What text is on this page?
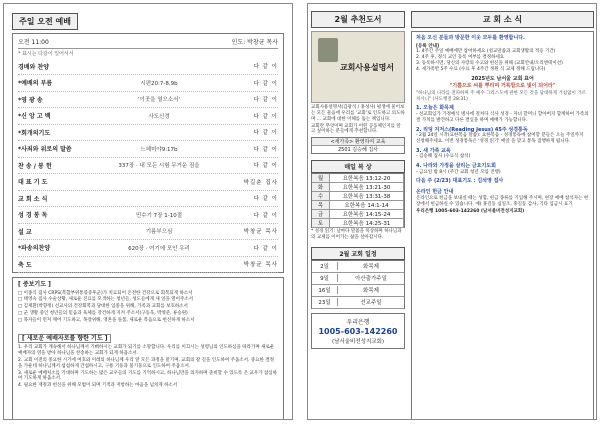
주일 오전 예배
오전 11:00	인도: 박창균 목사
* 표시는 다같이 일어서서
경배와 찬양	다 같 이
*예배의 부름	시편20:7-8,9b	다 같 이
*영 광 송	'이곳을 열으소서'	다 같 이
*신 앙 고 백	사도신경	다 같 이
*회개의기도	다 같 이
*사죄와 위로의 말씀	느헤미야9:17b	다 같 이
찬 송 / 봉 헌	337장 · 내 모든 시험 무거운 짐을	다 같 이
대 표 기 도	박길춘 집사
교 회 소 식	다 같 이
성 경 봉 독	민수기 7장 1-10절	다 같 이
설 교	기름부으심	박창균 목사
*파송의찬양	620장 · 여기에 모인 우리	다 같 이
축 도	박창균 목사
[ 중보기도 ]
□ 이종식 집사 CRPS(복합부위통증증후군)가 치료되어 온전한 건강으로 회복되게 하소서
□ 태영숙 집사 수술상황, 새로운 진료를 모색하는 청년들, 성도들에게 새 일을 열어주소서
□ 김재환(박향정) 선교사의 건강회복과 당대한 임중을 위해, 가족과 교회를 보호하소서
□ 군 생활 중인 청년들의 믿음과 육체를 강건하게 지켜 주소서(구동욱, 박영준, 류승원)
□ 목자들이 먼저 깨어 기도하고, 목장위해, 영혼을 돌봄, 새로운 복음으로 헌신하게 하소서
[ 새로운 예배자로를 향한 기도 ]
1. 우리 교회가 계속해서 하나님께서 기뻐하시는 교회가 되기를 소망합니다. 우리를 이끄시는 성령님의 인도하심을 따라가며 새로운 예배자의 영을 받아 하나님을 찬송하는 교회가 되게 하옵소서.
2. 교회 이전의 중요한 시기에 여호와 이레의 하나님께 우리 앞 모든 과정을 맡기며, 교회의 갈 길을 인도하여 주옵소서. 중요한 결정을 가운데 하나님께서 섭섭하게 간섭하시고, 구룡 기둥과 불기둥으로 인도하여 주옵소서.
3. 새로운 예배처소를 기대하며 기도하는 많은 교우들의 기도를 기억하시고, 하나님만을 의지하며 준비할 수 있도록 온 교우가 참심하여 기도하게 하옵소서.
4. 필요한 재정과 헌신을 위해 모범이 되며 기적과 저항하는 마음을 넘치게 하소서
2월 추천도서
교회사용설명서
교회사용설명서(김광석 / 홍성사) 평생에 물어보는 모든 물음에 우리를 '교회'로 인도하고 의도하며 ... 교회에 대한 이해를 돕는 책입니다.
교회란 무엇이며 교회가 어떤 공동체인지를 알고 싶어하는 분들에게 추천합니다.
<새가족> 환영하여 교육
2501 김승혜 집사
매일 복 상
월	요한복음 13:12-20
화	요한복음 13:21-30
수	요한복음 13:31-38
목	요한복음 14:1-14
금	요한복음 14:15-24
토	요한복음 14:25-31
* 성경 읽기: 날마다 말씀을 묵상하며 하나님과의 교제를 이어가는 삶을 살아갑시다.
2월 교회 일정
2일	화목제
9일	아산출가주일
16일	화목제
23일	선교주일
우리은행
1005-603-142260
(남서울비전성지교회)
교 회 소 식
처음 오신 분들과 방문한 이웃 모두를 환영합니다.
[등록 안내]
1. 4주간 주일 예배에만 참여하세요 (설교말씀과 교회생활의 적응 기간)
2. 4주 후, 정식 교인 등록 여부를 결정하세요
3. 등록하시면, 당신의 사랑의 수고와 헌신을 위해 (교회안내/오리엔테이션)
4. 새가족반 5주 수료 (수료 후 4주간 정원 식 교제 정해 드립니다)
2025년도 남서울 교회 표어
"기쁨으로 씨를 뿌리며 거룩함으로 빛이 되어라"
"하나님의 나라를 전파하며 주 예수 그리스도에 관한 모든 것을 담대하게 거침없이 가르치시니" (사도행전 28:31)
1. 오늘은 화목제
- 선교회입가 가정예식 병사에 걸쳐다 식사 성경 - 자녀 할머니 할아버지 함께하여 가족의 결 가치를 발견하고 다른 결심을 하며 예배가 가능합니다.
2. 리딩 지저스(Reading Jesus) 45주 성경통독
- 2월 24일 시작(요한복음 말씀): 요한복음 - 성경통독에 참여할 분들은 오늘 주일까지 신청해주세요. 이번 성경통독은 '성경 읽기' 매일 을 맞고 통독 집행하게 됩니다.
3. 새 가족 교육
- 김승혜 집사 (수료식 참석)
4. 나라와 가정을 살리는 금요기도회
- 금요일 밤 8시 (주간 교회 청년 모임 진행)
다음 주 (2/23) 대표기도 : 김석영 집사
온라인 헌금 안내
온라인으로 헌금을 보내실 때는 성함, 헌금 종류를 기입해 주시며, 현장 예배 참석자는 현장에서 헌금하실 수 있습니다. 예) 홍길동 십일조, 홍길동 감사, 기타 입금시 표기
우리은행 1005-603-142260 (남서울비전성지교회)
